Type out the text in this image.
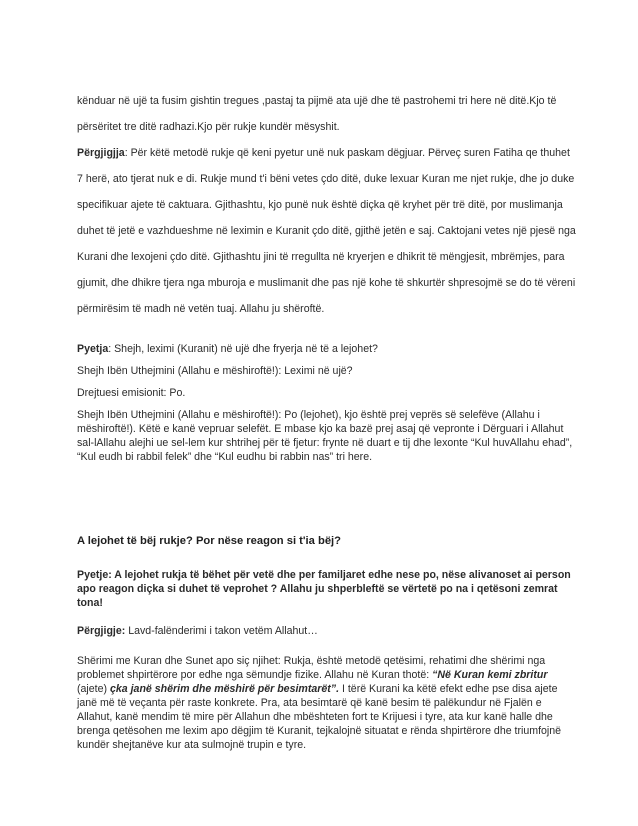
kënduar në ujë ta fusim gishtin tregues ,pastaj ta pijmë ata ujë dhe të pastrohemi tri here në ditë.Kjo të përsëritet tre ditë radhazi.Kjo për rukje kundër mësyshit.

Përgjigjja: Për këtë metodë rukje që keni pyetur unë nuk paskam dëgjuar. Përveç suren Fatiha qe thuhet 7 herë, ato tjerat nuk e di. Rukje mund t'i bëni vetes çdo ditë, duke lexuar Kuran me njet rukje, dhe jo duke specifikuar ajete të caktuara. Gjithashtu, kjo punë nuk është diçka që kryhet për trë ditë, por muslimanja duhet të jetë e vazhdueshme në leximin e Kuranit çdo ditë, gjithë jetën e saj. Caktojani vetes një pjesë nga Kurani dhe lexojeni çdo ditë. Gjithashtu jini të rregullta në kryerjen e dhikrit të mëngjesit, mbrëmjes, para gjumit, dhe dhikre tjera nga mburoja e muslimanit dhe pas një kohe të shkurtër shpresojmë se do të vëreni përmirësim të madh në vetën tuaj. Allahu ju shëroftë.

Pyetja: Shejh, leximi (Kuranit) në ujë dhe fryerja në të a lejohet?

Shejh Ibën Uthejmini (Allahu e mëshiroftë!): Leximi në ujë?

Drejtuesi emisionit: Po.

Shejh Ibën Uthejmini (Allahu e mëshiroftë!): Po (lejohet), kjo është prej veprës së selefëve (Allahu i mëshiroftë!). Këtë e kanë vepruar selefët. E mbase kjo ka bazë prej asaj që vepronte i Dërguari i Allahut sal-lAllahu alejhi ue sel-lem kur shtrihej për të fjetur: frynte në duart e tij dhe lexonte “Kul huvAllahu ehad”, “Kul eudh bi rabbil felek” dhe “Kul eudhu bi rabbin nas” tri here.

A lejohet të bëj rukje? Por nëse reagon si t'ia bëj?

Pyetje: A lejohet rukja të bëhet për vetë dhe per familjaret edhe nese po, nëse alivanoset ai person apo reagon diçka si duhet të veprohet ? Allahu ju shperbleftë se vërtetë po na i qetësoni zemrat tona!

Përgjigje: Lavd-falënderimi i takon vetëm Allahut…

Shërimi me Kuran dhe Sunet apo siç njihet: Rukja, është metodë qetësimi, rehatimi dhe shërimi nga problemet shpirtërore por edhe nga sëmundje fizike. Allahu në Kuran thotë: “Në Kuran kemi zbritur (ajete) çka janë shërim dhe mëshirë për besimtarët”. I tërë Kurani ka këtë efekt edhe pse disa ajete janë më të veçanta për raste konkrete. Pra, ata besimtarë që kanë besim të palëkundur në Fjalën e Allahut, kanë mendim të mire për Allahun dhe mbështeten fort te Krijuesi i tyre, ata kur kanë halle dhe brenga qetësohen me lexim apo dëgjim të Kuranit, tejkalojnë situatat e rënda shpirtërore dhe triumfojnë kundër shejtanëve kur ata sulmojnë trupin e tyre.
